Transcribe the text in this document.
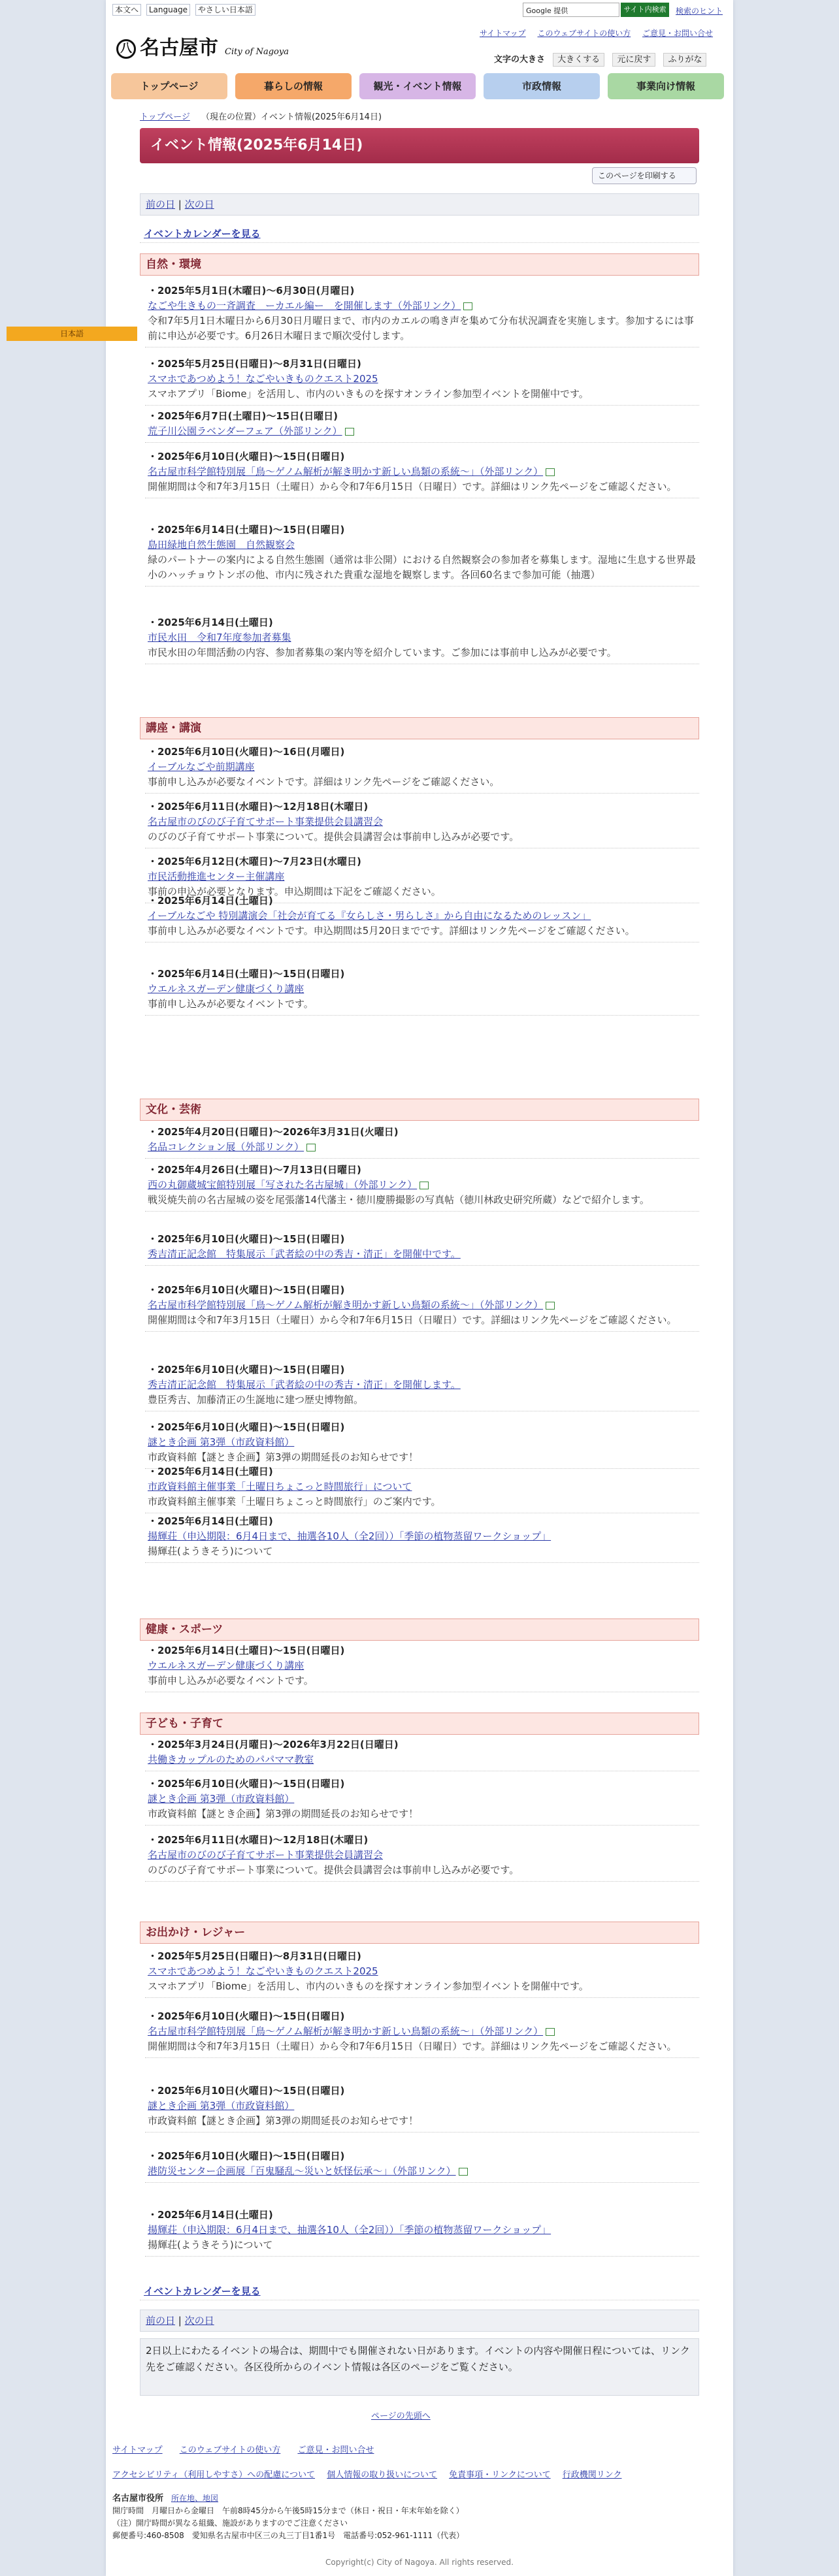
日本語
本文へ Language やさしい日本語	Google 提供	サイト内検索	検索のヒント
八 名古屋市 City of Nagoya
サイトマップ このウェブサイトの使い方 ご意見・お問い合せ
文字の大きさ 大きくする 元に戻す ふりがな
トップページ	暮らしの情報	観光・イベント情報	市政情報	事業向け情報
トップページ　 （現在の位置）イベント情報(2025年6月14日)
イベント情報(2025年6月14日)
このページを印刷する
前の日 | 次の日
イベントカレンダーを見る
自然・環境
・2025年5月1日(木曜日)～6月30日(月曜日)
なごや生きもの一斉調査　ーカエル編ー　を開催します（外部リンク）
令和7年5月1日木曜日から6月30日月曜日まで、市内のカエルの鳴き声を集めて分布状況調査を実施します。参加するには事前に申込が必要です。6月26日木曜日まで順次受付します。
・2025年5月25日(日曜日)～8月31日(日曜日)
スマホであつめよう！なごやいきものクエスト2025
スマホアプリ「Biome」を活用し、市内のいきものを探すオンライン参加型イベントを開催中です。
・2025年6月7日(土曜日)～15日(日曜日)
荒子川公園ラベンダーフェア（外部リンク）
・2025年6月10日(火曜日)～15日(日曜日)
名古屋市科学館特別展「鳥～ゲノム解析が解き明かす新しい鳥類の系統～」（外部リンク）
開催期間は令和7年3月15日（土曜日）から令和7年6月15日（日曜日）です。詳細はリンク先ページをご確認ください。
・2025年6月14日(土曜日)～15日(日曜日)
島田緑地自然生態園　自然観察会
緑のパートナーの案内による自然生態園（通常は非公開）における自然観察会の参加者を募集します。湿地に生息する世界最小のハッチョウトンボの他、市内に残された貴重な湿地を観察します。各回60名まで参加可能（抽選）
・2025年6月14日(土曜日)
市民水田　令和7年度参加者募集
市民水田の年間活動の内容、参加者募集の案内等を紹介しています。ご参加には事前申し込みが必要です。
講座・講演
・2025年6月10日(火曜日)～16日(月曜日)
イーブルなごや前期講座
事前申し込みが必要なイベントです。詳細はリンク先ページをご確認ください。
・2025年6月11日(水曜日)～12月18日(木曜日)
名古屋市のびのび子育てサポート事業提供会員講習会
のびのび子育てサポート事業について。提供会員講習会は事前申し込みが必要です。
・2025年6月12日(木曜日)～7月23日(水曜日)
市民活動推進センター主催講座
事前の申込が必要となります。申込期間は下記をご確認ください。
・2025年6月14日(土曜日)
イーブルなごや 特別講演会「社会が育てる『女らしさ・男らしさ』から自由になるためのレッスン」
事前申し込みが必要なイベントです。申込期間は5月20日までです。詳細はリンク先ページをご確認ください。
・2025年6月14日(土曜日)～15日(日曜日)
ウエルネスガーデン健康づくり講座
事前申し込みが必要なイベントです。
文化・芸術
・2025年4月20日(日曜日)～2026年3月31日(火曜日)
名品コレクション展（外部リンク）
・2025年4月26日(土曜日)～7月13日(日曜日)
西の丸御蔵城宝館特別展「写された名古屋城」（外部リンク）
戦災焼失前の名古屋城の姿を尾張藩14代藩主・徳川慶勝撮影の写真帖（徳川林政史研究所蔵）などで紹介します。
・2025年6月10日(火曜日)～15日(日曜日)
秀吉清正記念館　特集展示「武者絵の中の秀吉・清正」を開催中です。
・2025年6月10日(火曜日)～15日(日曜日)
名古屋市科学館特別展「鳥～ゲノム解析が解き明かす新しい鳥類の系統～」（外部リンク）
開催期間は令和7年3月15日（土曜日）から令和7年6月15日（日曜日）です。詳細はリンク先ページをご確認ください。
・2025年6月10日(火曜日)～15日(日曜日)
秀吉清正記念館　特集展示「武者絵の中の秀吉・清正」を開催します。
豊臣秀吉、加藤清正の生誕地に建つ歴史博物館。
・2025年6月10日(火曜日)～15日(日曜日)
謎とき企画 第3弾（市政資料館）
市政資料館【謎とき企画】第3弾の期間延長のお知らせです！
・2025年6月14日(土曜日)
市政資料館主催事業「土曜日ちょこっと時間旅行」について
市政資料館主催事業「土曜日ちょこっと時間旅行」のご案内です。
・2025年6月14日(土曜日)
揚輝荘（申込期限：6月4日まで、抽選各10人（全2回））「季節の植物蒸留ワークショップ」
揚輝荘(ようきそう)について
健康・スポーツ
・2025年6月14日(土曜日)～15日(日曜日)
ウエルネスガーデン健康づくり講座
事前申し込みが必要なイベントです。
子ども・子育て
・2025年3月24日(月曜日)～2026年3月22日(日曜日)
共働きカップルのためのパパママ教室
・2025年6月10日(火曜日)～15日(日曜日)
謎とき企画 第3弾（市政資料館）
市政資料館【謎とき企画】第3弾の期間延長のお知らせです！
・2025年6月11日(水曜日)～12月18日(木曜日)
名古屋市のびのび子育てサポート事業提供会員講習会
のびのび子育てサポート事業について。提供会員講習会は事前申し込みが必要です。
お出かけ・レジャー
・2025年5月25日(日曜日)～8月31日(日曜日)
スマホであつめよう！なごやいきものクエスト2025
スマホアプリ「Biome」を活用し、市内のいきものを探すオンライン参加型イベントを開催中です。
・2025年6月10日(火曜日)～15日(日曜日)
名古屋市科学館特別展「鳥～ゲノム解析が解き明かす新しい鳥類の系統～」（外部リンク）
開催期間は令和7年3月15日（土曜日）から令和7年6月15日（日曜日）です。詳細はリンク先ページをご確認ください。
・2025年6月10日(火曜日)～15日(日曜日)
謎とき企画 第3弾（市政資料館）
市政資料館【謎とき企画】第3弾の期間延長のお知らせです！
・2025年6月10日(火曜日)～15日(日曜日)
港防災センター企画展「百鬼騒乱～災いと妖怪伝承～」（外部リンク）
・2025年6月14日(土曜日)
揚輝荘（申込期限：6月4日まで、抽選各10人（全2回））「季節の植物蒸留ワークショップ」
揚輝荘(ようきそう)について
イベントカレンダーを見る
前の日 | 次の日
2日以上にわたるイベントの場合は、期間中でも開催されない日があります。イベントの内容や開催日程については、リンク先をご確認ください。各区役所からのイベント情報は各区のページをご覧ください。
ページの先頭へ
サイトマップ このウェブサイトの使い方 ご意見・お問い合せ
アクセシビリティ（利用しやすさ）への配慮について 個人情報の取り扱いについて 免責事項・リンクについて 行政機関リンク
名古屋市役所　 所在地、地図
開庁時間　月曜日から金曜日　午前8時45分から午後5時15分まで（休日・祝日・年末年始を除く）
（注）開庁時間が異なる組織、施設がありますのでご注意ください
郵便番号:460-8508　愛知県名古屋市中区三の丸三丁目1番1号　電話番号:052-961-1111（代表）
Copyright(c) City of Nagoya. All rights reserved.
